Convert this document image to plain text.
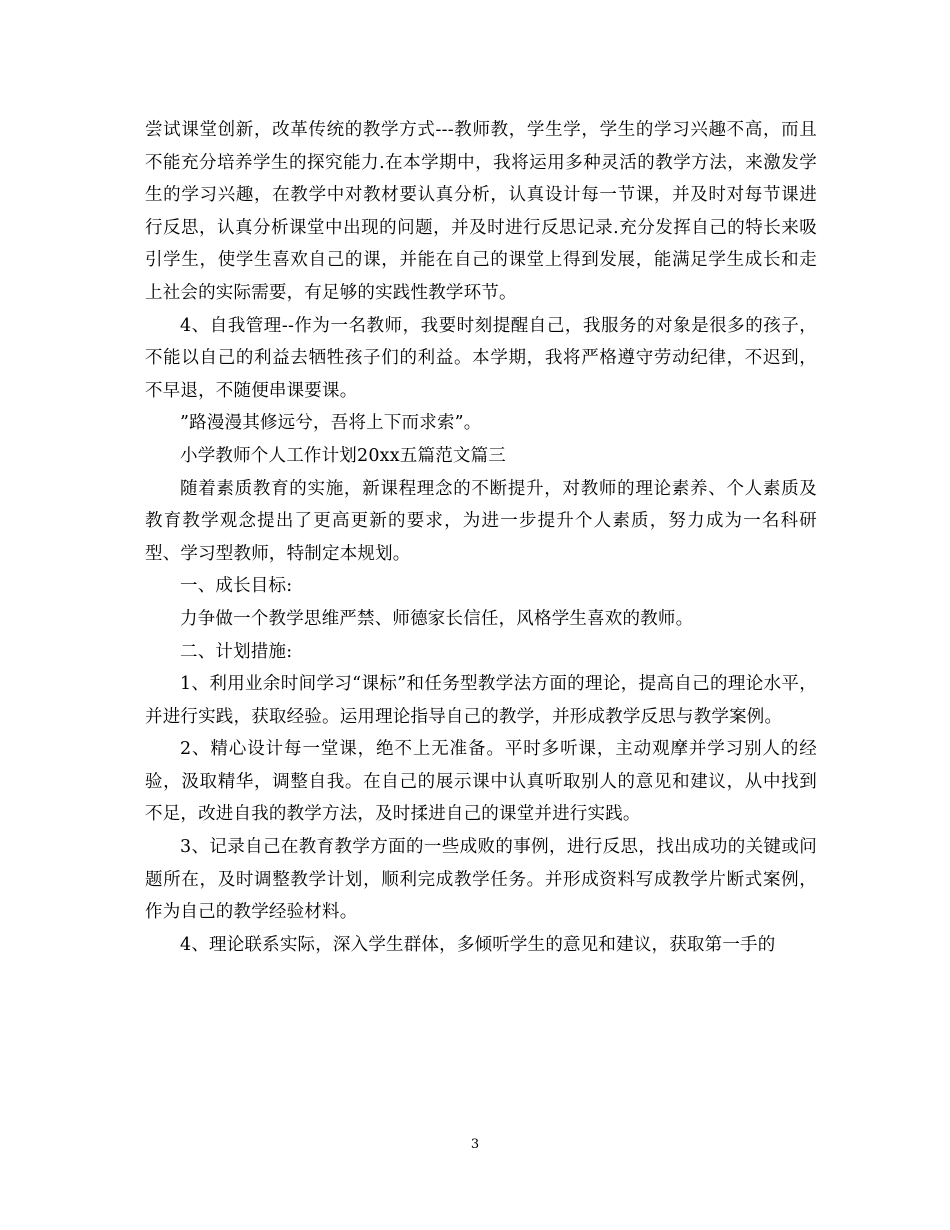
尝试课堂创新，改革传统的教学方式---教师教，学生学，学生的学习兴趣不高，而且不能充分培养学生的探究能力.在本学期中，我将运用多种灵活的教学方法，来激发学生的学习兴趣，在教学中对教材要认真分析，认真设计每一节课，并及时对每节课进行反思，认真分析课堂中出现的问题，并及时进行反思记录.充分发挥自己的特长来吸引学生，使学生喜欢自己的课，并能在自己的课堂上得到发展，能满足学生成长和走上社会的实际需要，有足够的实践性教学环节。

4、自我管理--作为一名教师，我要时刻提醒自己，我服务的对象是很多的孩子，不能以自己的利益去牺牲孩子们的利益。本学期，我将严格遵守劳动纪律，不迟到，不早退，不随便串课要课。

”路漫漫其修远兮，吾将上下而求索”。

小学教师个人工作计划20xx五篇范文篇三

随着素质教育的实施，新课程理念的不断提升，对教师的理论素养、个人素质及教育教学观念提出了更高更新的要求，为进一步提升个人素质，努力成为一名科研型、学习型教师，特制定本规划。

一、成长目标:

力争做一个教学思维严禁、师德家长信任，风格学生喜欢的教师。

二、计划措施:

1、利用业余时间学习“课标”和任务型教学法方面的理论，提高自己的理论水平，并进行实践，获取经验。运用理论指导自己的教学，并形成教学反思与教学案例。

2、精心设计每一堂课，绝不上无准备。平时多听课，主动观摩并学习别人的经验，汲取精华，调整自我。在自己的展示课中认真听取别人的意见和建议，从中找到不足，改进自我的教学方法，及时揉进自己的课堂并进行实践。

3、记录自己在教育教学方面的一些成败的事例，进行反思，找出成功的关键或问题所在，及时调整教学计划，顺利完成教学任务。并形成资料写成教学片断式案例，作为自己的教学经验材料。

4、理论联系实际，深入学生群体，多倾听学生的意见和建议，获取第一手的

3
